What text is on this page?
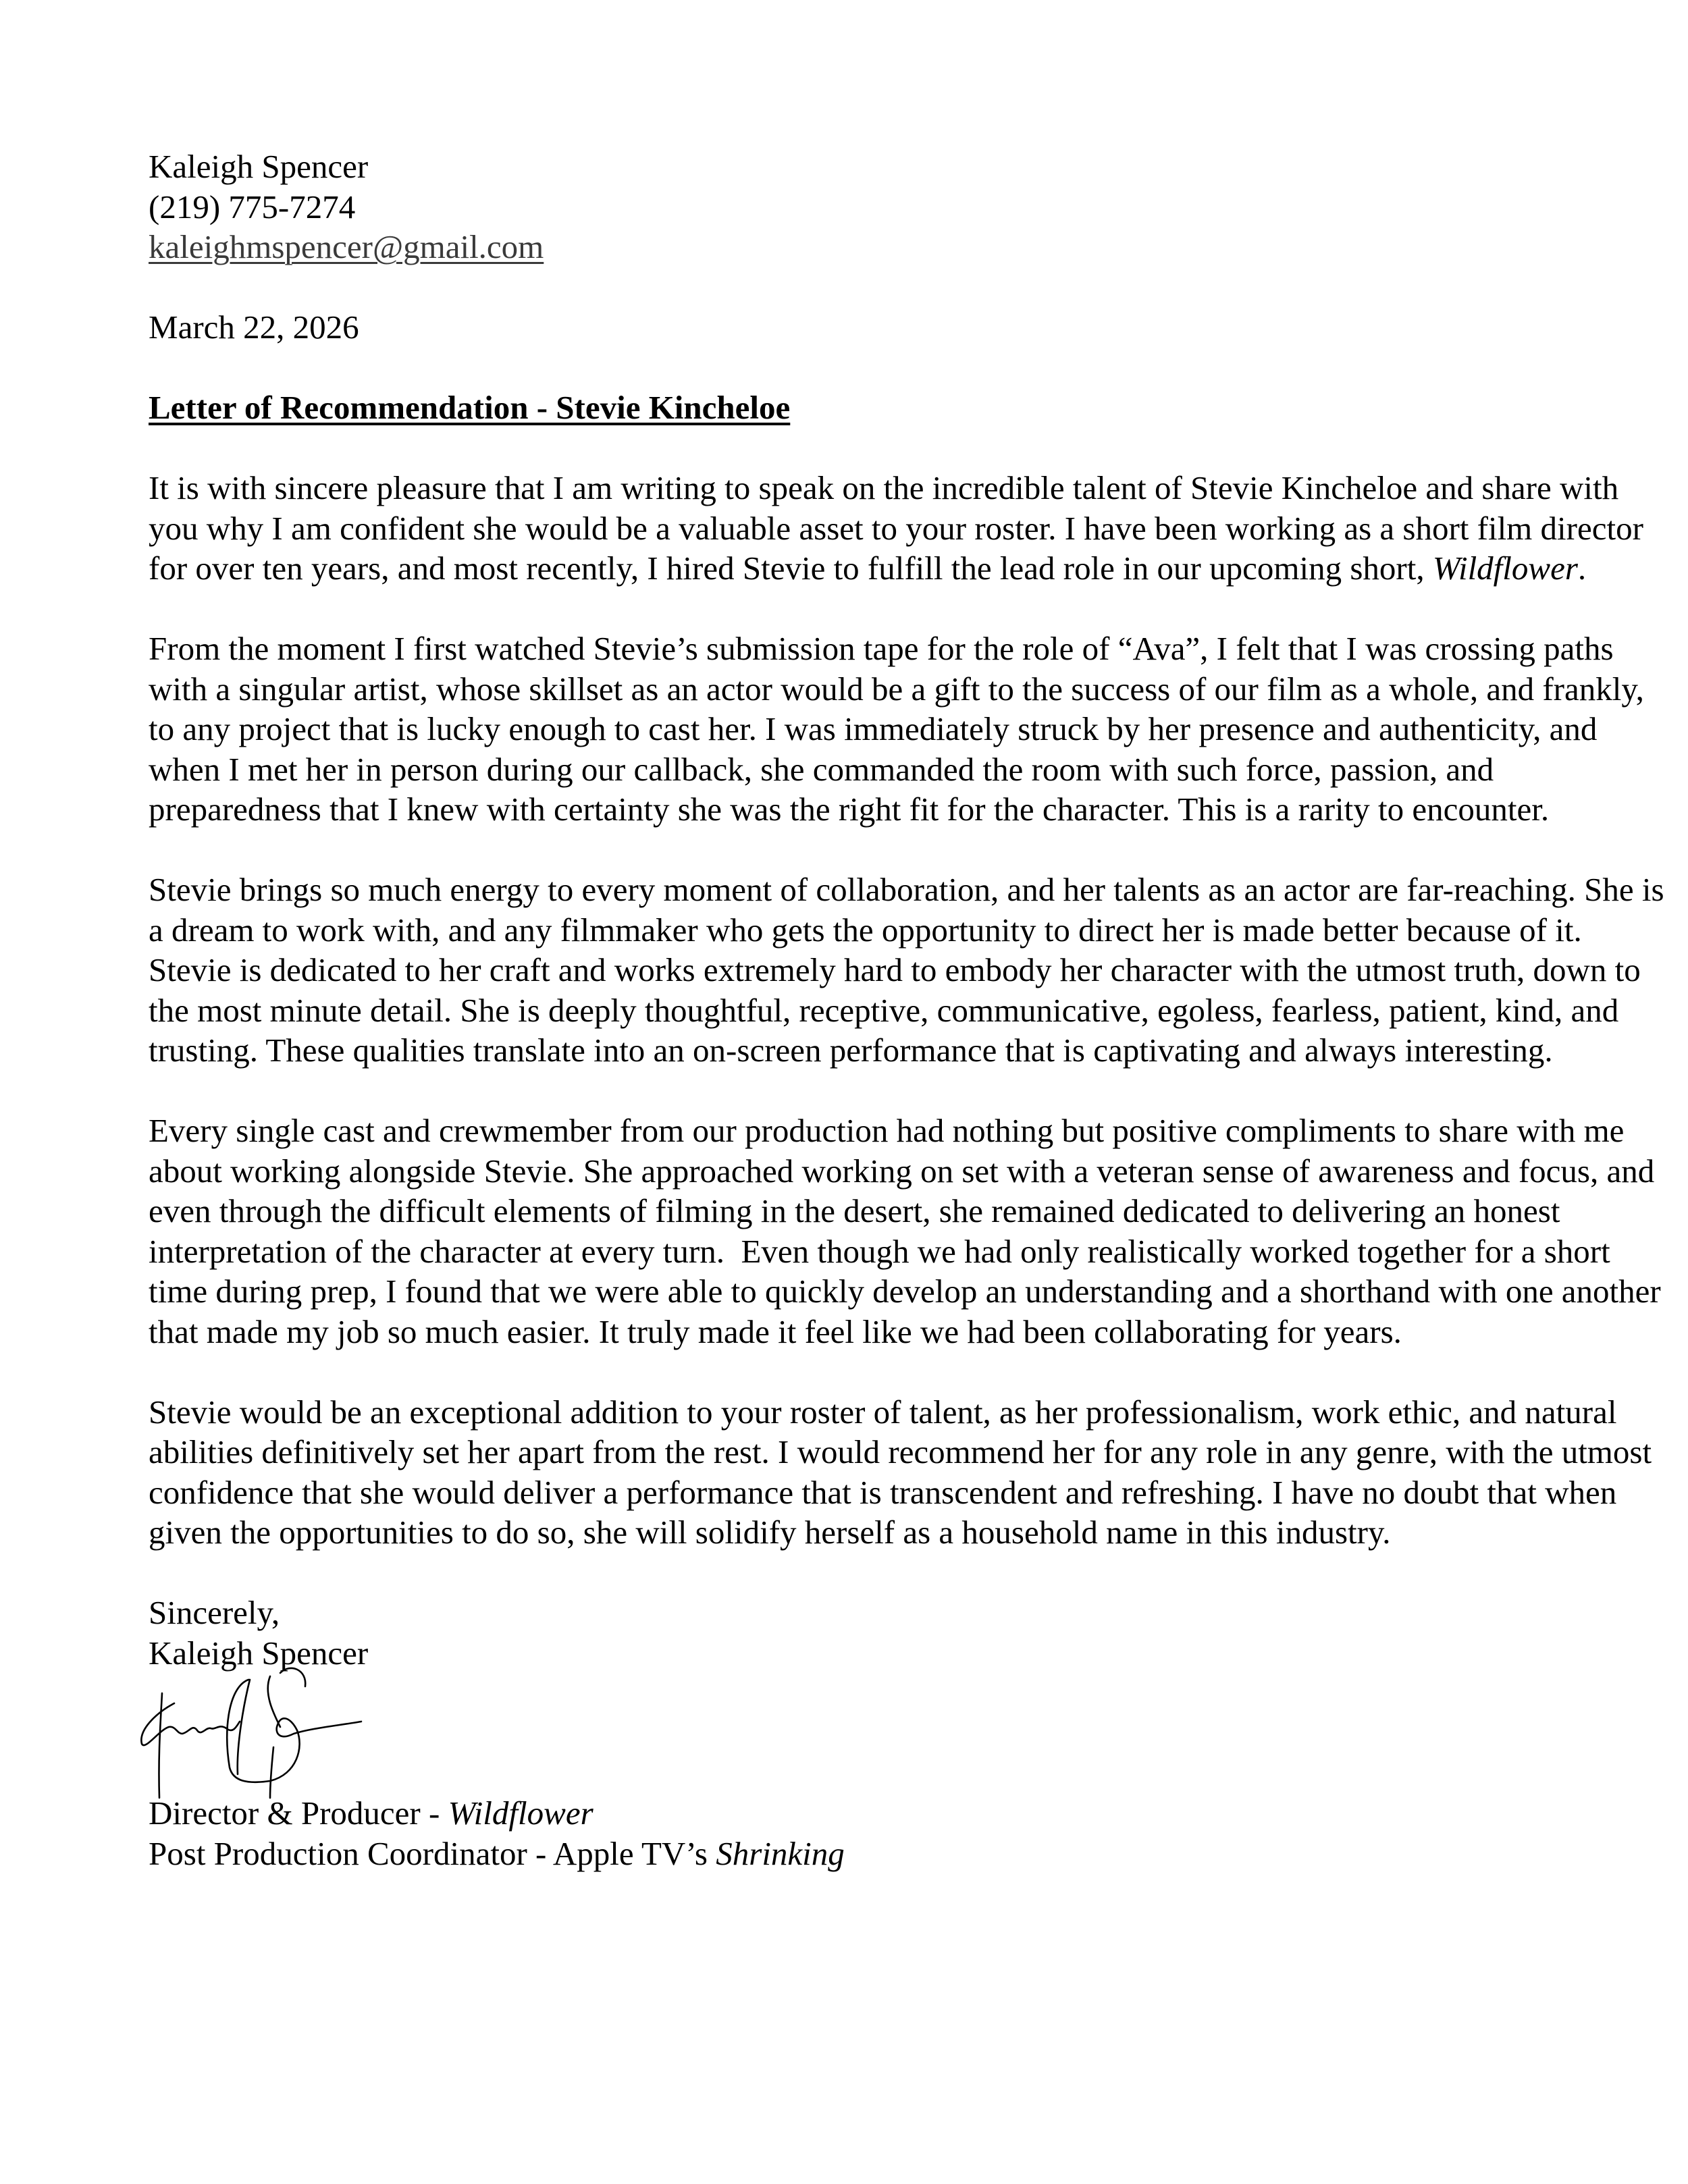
Kaleigh Spencer
(219) 775-7274
kaleighmspencer@gmail.com
March 22, 2026
Letter of Recommendation - Stevie Kincheloe
It is with sincere pleasure that I am writing to speak on the incredible talent of Stevie Kincheloe and share with
you why I am confident she would be a valuable asset to your roster. I have been working as a short film director
for over ten years, and most recently, I hired Stevie to fulfill the lead role in our upcoming short, Wildflower.
From the moment I first watched Stevie’s submission tape for the role of “Ava”, I felt that I was crossing paths
with a singular artist, whose skillset as an actor would be a gift to the success of our film as a whole, and frankly,
to any project that is lucky enough to cast her. I was immediately struck by her presence and authenticity, and
when I met her in person during our callback, she commanded the room with such force, passion, and
preparedness that I knew with certainty she was the right fit for the character. This is a rarity to encounter.
Stevie brings so much energy to every moment of collaboration, and her talents as an actor are far-reaching. She is
a dream to work with, and any filmmaker who gets the opportunity to direct her is made better because of it.
Stevie is dedicated to her craft and works extremely hard to embody her character with the utmost truth, down to
the most minute detail. She is deeply thoughtful, receptive, communicative, egoless, fearless, patient, kind, and
trusting. These qualities translate into an on-screen performance that is captivating and always interesting.
Every single cast and crewmember from our production had nothing but positive compliments to share with me
about working alongside Stevie. She approached working on set with a veteran sense of awareness and focus, and
even through the difficult elements of filming in the desert, she remained dedicated to delivering an honest
interpretation of the character at every turn.  Even though we had only realistically worked together for a short
time during prep, I found that we were able to quickly develop an understanding and a shorthand with one another
that made my job so much easier. It truly made it feel like we had been collaborating for years.
Stevie would be an exceptional addition to your roster of talent, as her professionalism, work ethic, and natural
abilities definitively set her apart from the rest. I would recommend her for any role in any genre, with the utmost
confidence that she would deliver a performance that is transcendent and refreshing. I have no doubt that when
given the opportunities to do so, she will solidify herself as a household name in this industry.
Sincerely,
Kaleigh Spencer
Director & Producer - Wildflower
Post Production Coordinator - Apple TV’s Shrinking
